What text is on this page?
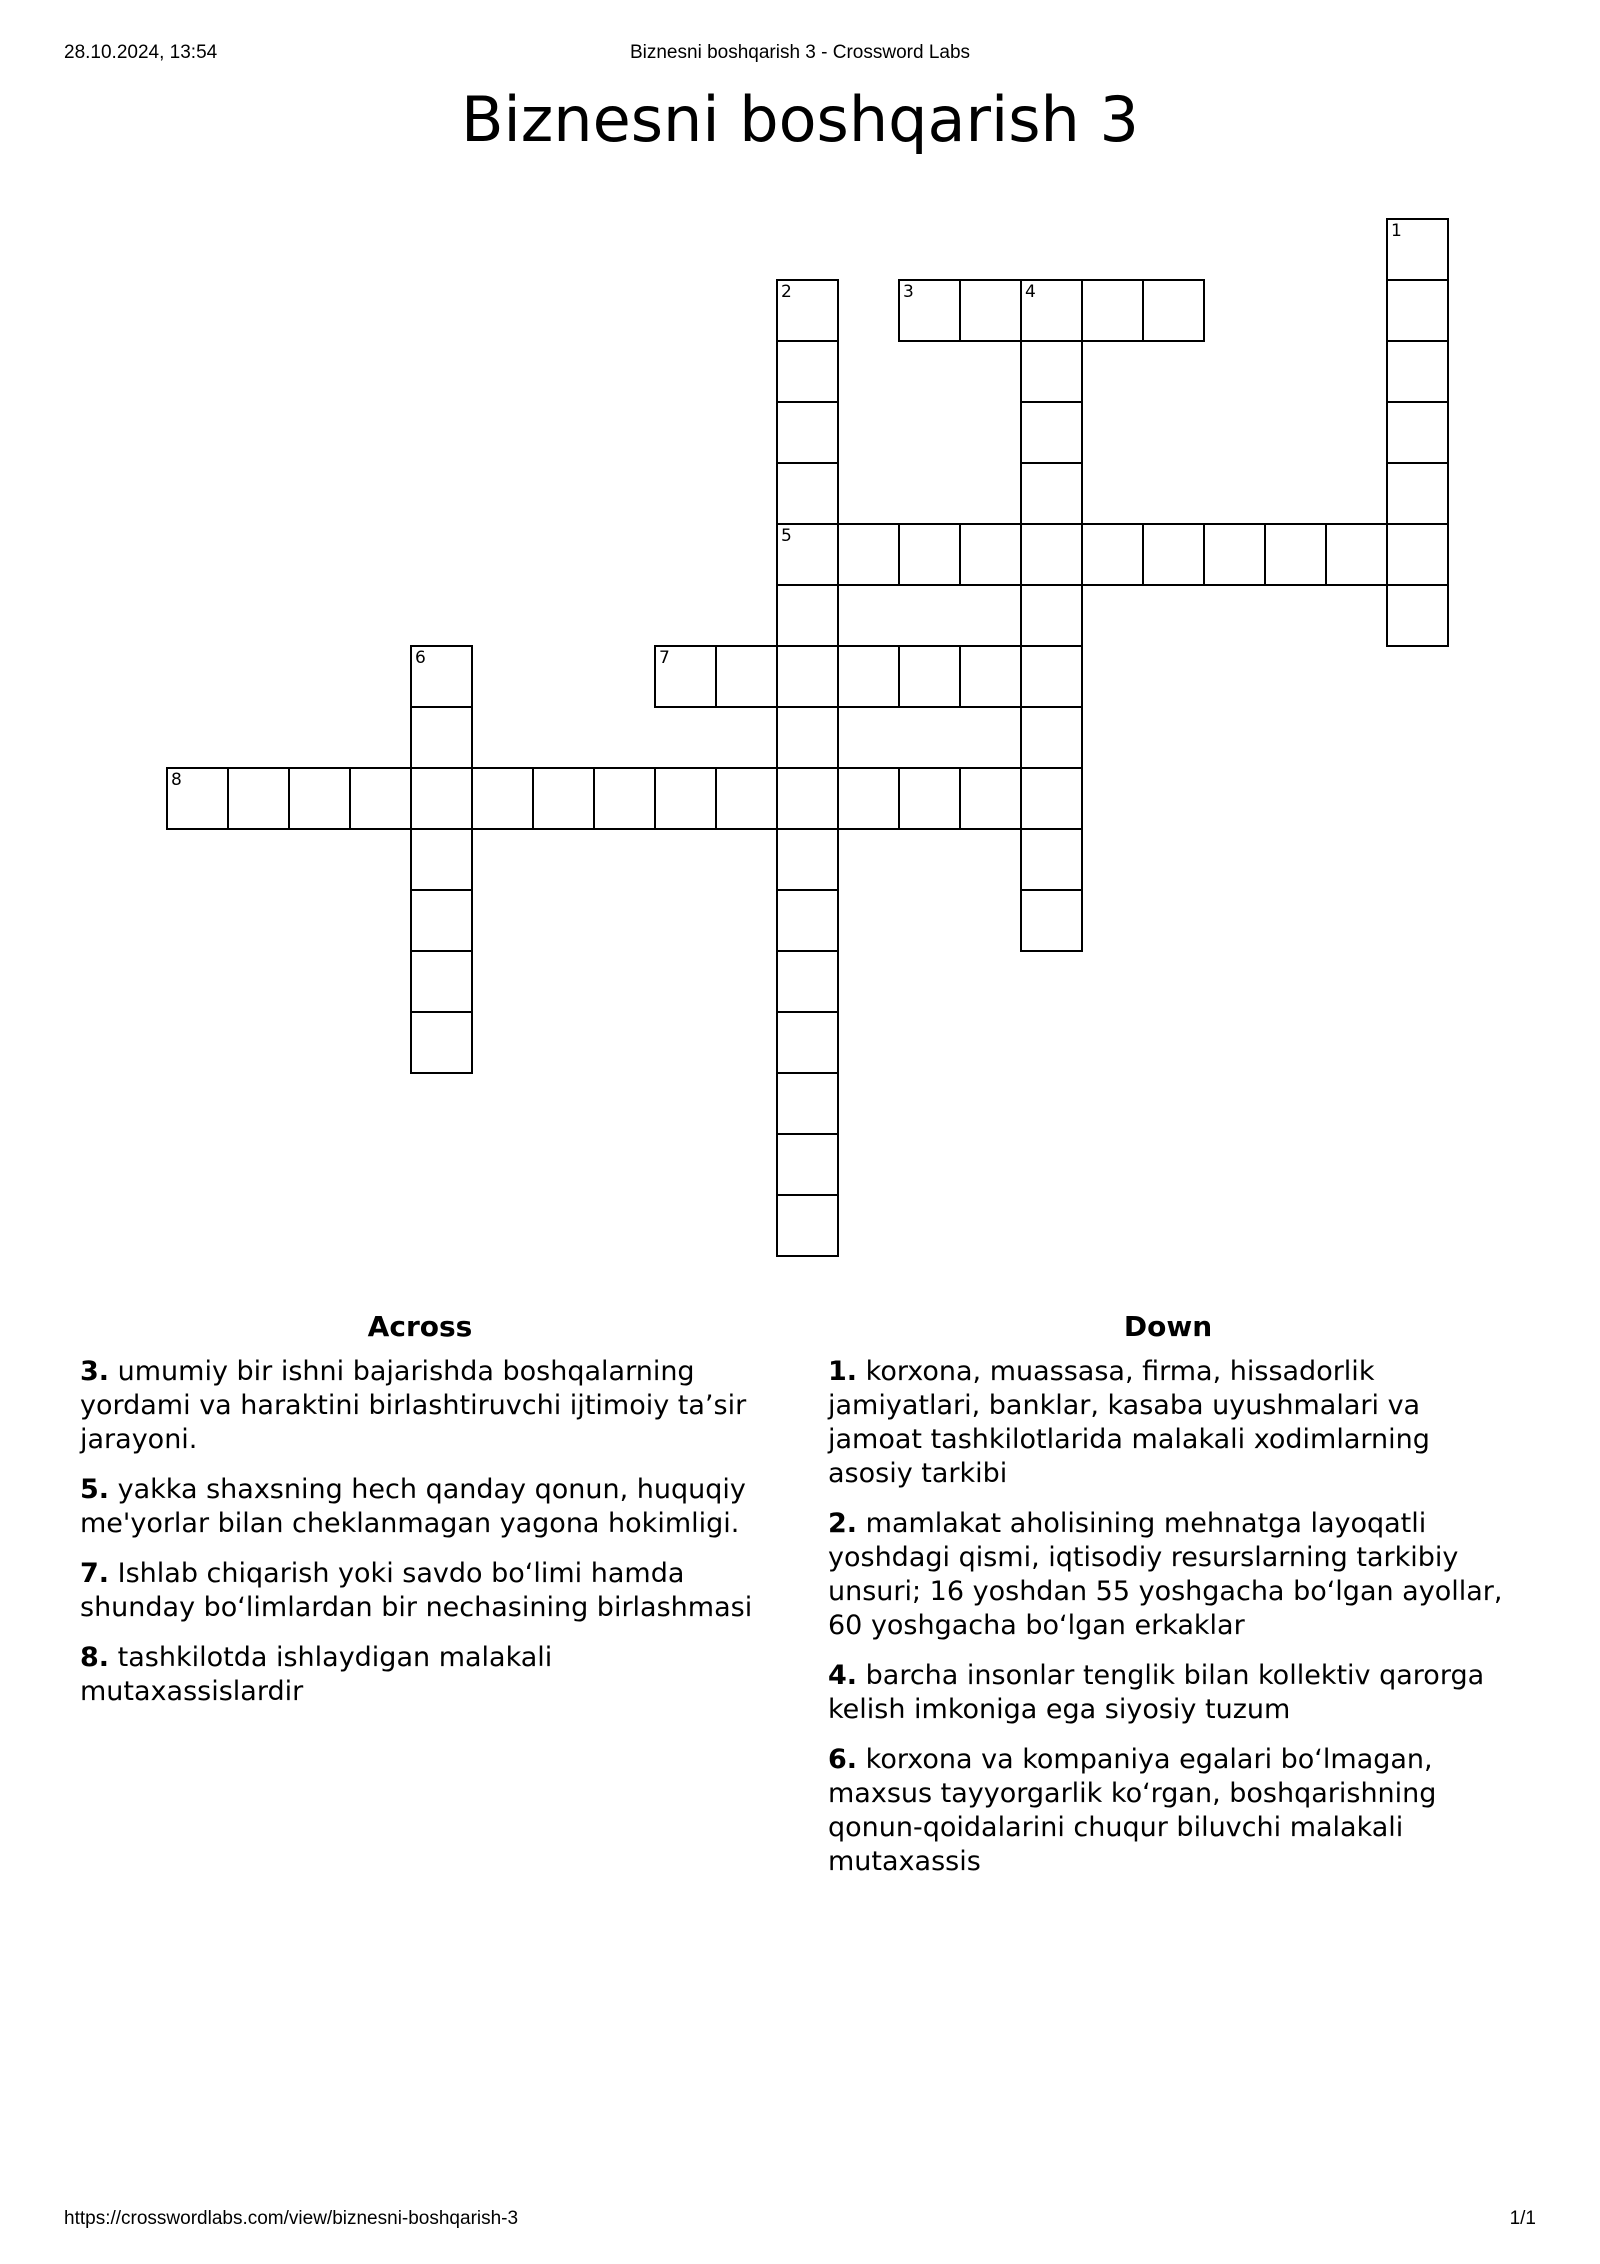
28.10.2024, 13:54	Biznesni boshqarish 3 - Crossword Labs
Biznesni boshqarish 3
1
2
5
3	4
6	7
8
Across
3. umumiy bir ishni bajarishda boshqalarning yordami va haraktini birlashtiruvchi ijtimoiy ta’sir jarayoni.
5. yakka shaxsning hech qanday qonun, huquqiy me'yorlar bilan cheklanmagan yagona hokimligi.
7. Ishlab chiqarish yoki savdo boʻlimi hamda shunday boʻlimlardan bir nechasining birlashmasi
8. tashkilotda ishlaydigan malakali mutaxassislardir
Down
1. korxona, muassasa, firma, hissadorlik jamiyatlari, banklar, kasaba uyushmalari va jamoat tashkilotlarida malakali xodimlarning asosiy tarkibi
2. mamlakat aholisining mehnatga layoqatli yoshdagi qismi, iqtisodiy resurslarning tarkibiy unsuri; 16 yoshdan 55 yoshgacha boʻlgan ayollar, 60 yoshgacha boʻlgan erkaklar
4. barcha insonlar tenglik bilan kollektiv qarorga kelish imkoniga ega siyosiy tuzum
6. korxona va kompaniya egalari boʻlmagan, maxsus tayyorgarlik koʻrgan, boshqarishning qonun-qoidalarini chuqur biluvchi malakali mutaxassis
https://crosswordlabs.com/view/biznesni-boshqarish-3	1/1
